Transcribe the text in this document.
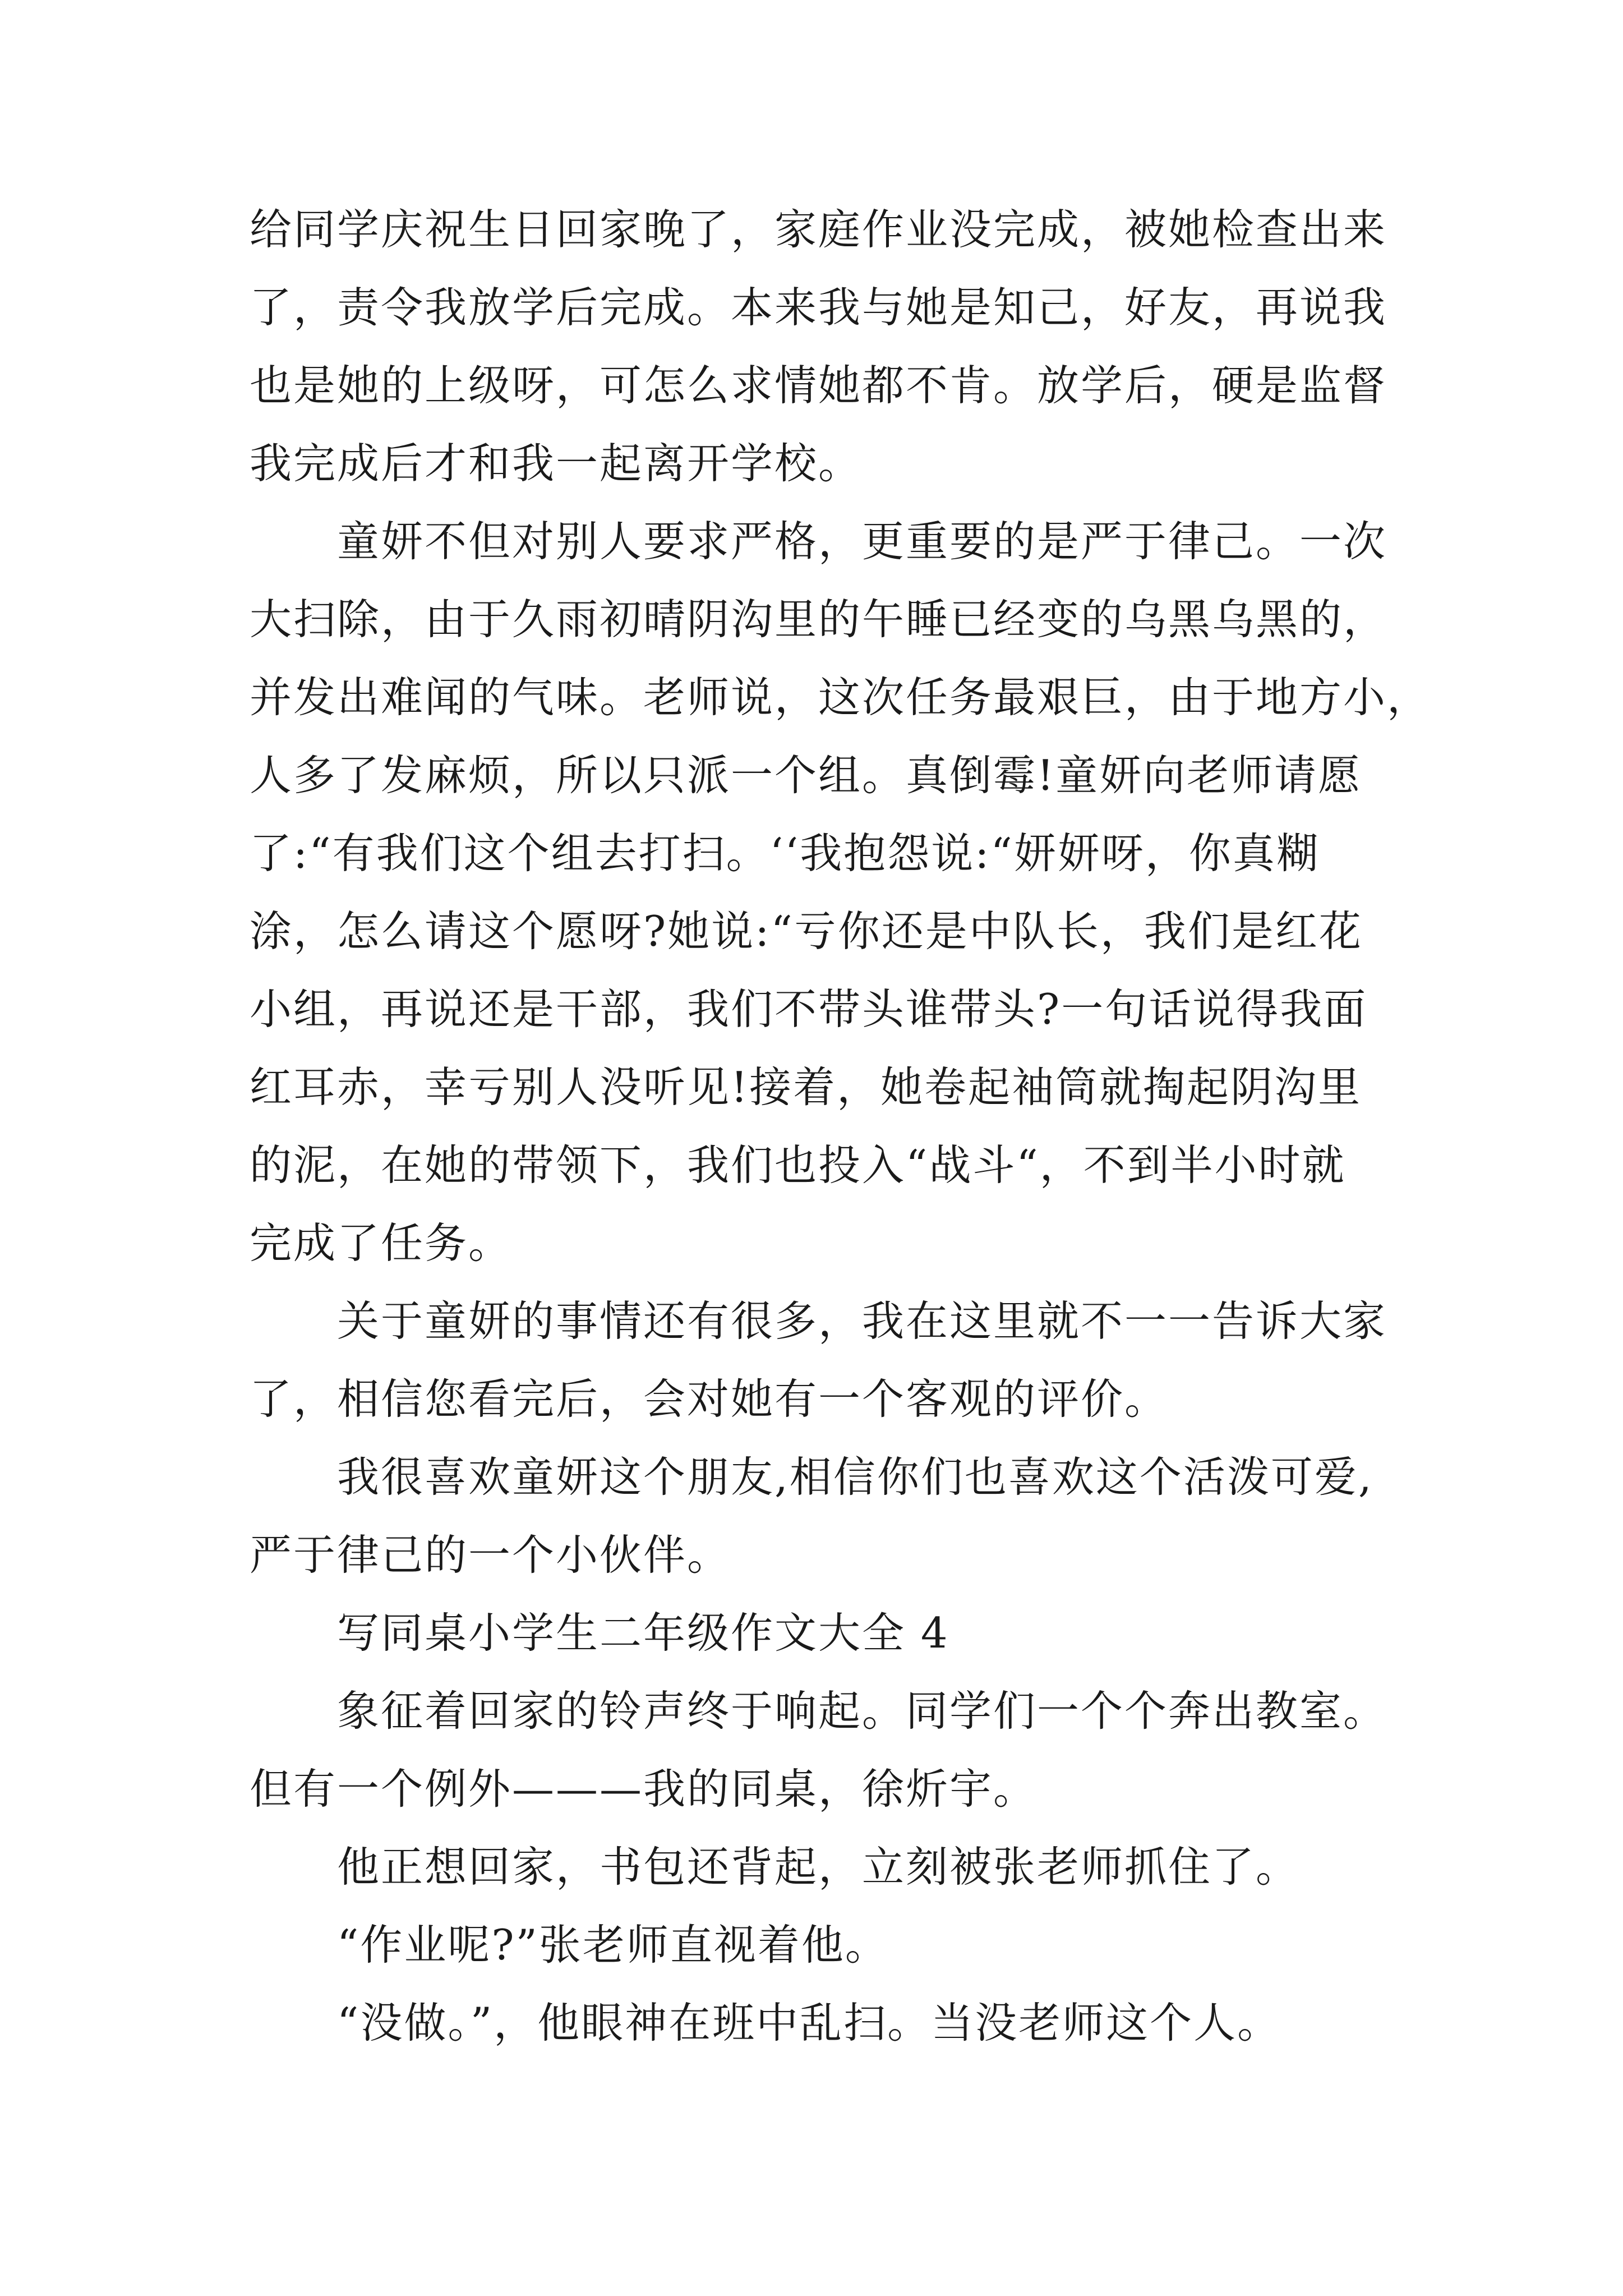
给同学庆祝生日回家晚了，家庭作业没完成，被她检查出来
了，责令我放学后完成。本来我与她是知己，好友，再说我
也是她的上级呀，可怎么求情她都不肯。放学后，硬是监督
我完成后才和我一起离开学校。
童妍不但对别人要求严格，更重要的是严于律己。一次
大扫除，由于久雨初晴阴沟里的午睡已经变的乌黑乌黑的，
并发出难闻的气味。老师说，这次任务最艰巨，由于地方小，
人多了发麻烦，所以只派一个组。真倒霉!童妍向老师请愿
了:“有我们这个组去打扫。‘‘我抱怨说:“妍妍呀，你真糊
涂，怎么请这个愿呀?她说:“亏你还是中队长，我们是红花
小组，再说还是干部，我们不带头谁带头?一句话说得我面
红耳赤，幸亏别人没听见!接着，她卷起袖筒就掏起阴沟里
的泥，在她的带领下，我们也投入“战斗“，不到半小时就
完成了任务。
关于童妍的事情还有很多，我在这里就不一一告诉大家
了，相信您看完后，会对她有一个客观的评价。
我很喜欢童妍这个朋友,相信你们也喜欢这个活泼可爱,
严于律己的一个小伙伴。
写同桌小学生二年级作文大全 4
象征着回家的铃声终于响起。同学们一个个奔出教室。
但有一个例外———我的同桌，徐炘宇。
他正想回家，书包还背起，立刻被张老师抓住了。
“作业呢?”张老师直视着他。
“没做。”，他眼神在班中乱扫。当没老师这个人。
